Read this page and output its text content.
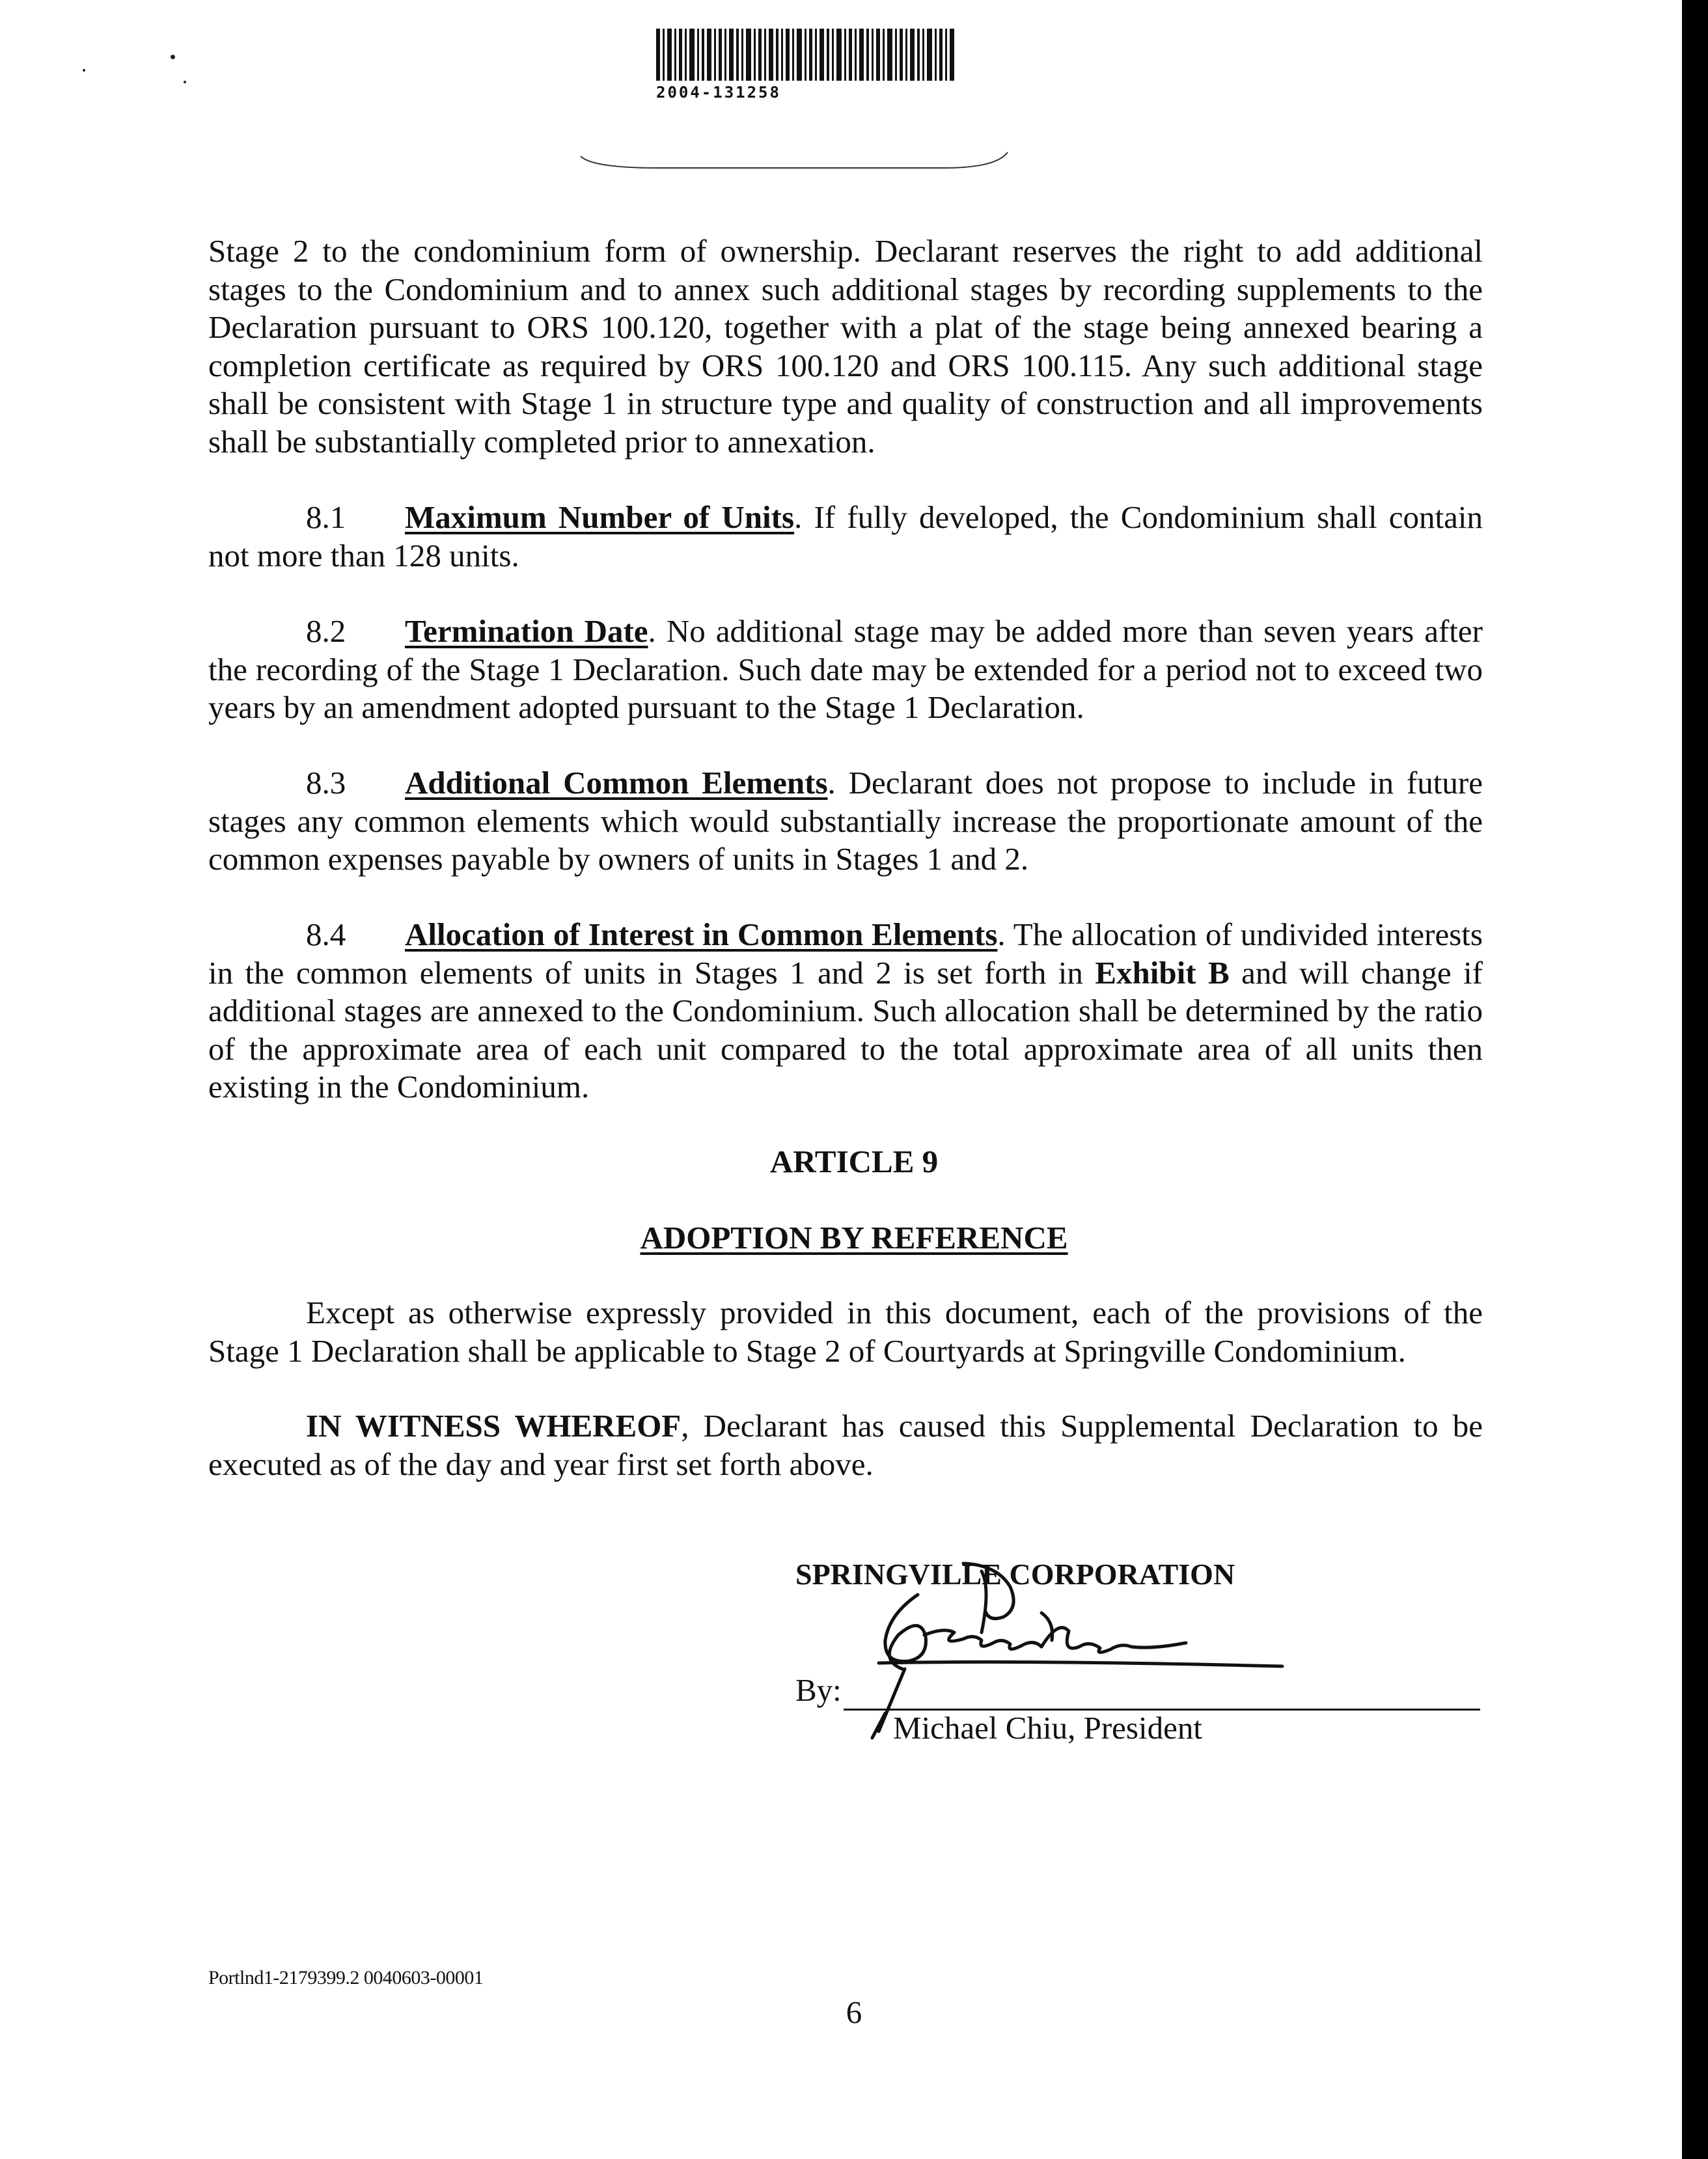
2004-131258

Stage 2 to the condominium form of ownership. Declarant reserves the right to add additional stages to the Condominium and to annex such additional stages by recording supplements to the Declaration pursuant to ORS 100.120, together with a plat of the stage being annexed bearing a completion certificate as required by ORS 100.120 and ORS 100.115. Any such additional stage shall be consistent with Stage 1 in structure type and quality of construction and all improvements shall be substantially completed prior to annexation.

8.1 Maximum Number of Units. If fully developed, the Condominium shall contain not more than 128 units.

8.2 Termination Date. No additional stage may be added more than seven years after the recording of the Stage 1 Declaration. Such date may be extended for a period not to exceed two years by an amendment adopted pursuant to the Stage 1 Declaration.

8.3 Additional Common Elements. Declarant does not propose to include in future stages any common elements which would substantially increase the proportionate amount of the common expenses payable by owners of units in Stages 1 and 2.

8.4 Allocation of Interest in Common Elements. The allocation of undivided interests in the common elements of units in Stages 1 and 2 is set forth in Exhibit B and will change if additional stages are annexed to the Condominium. Such allocation shall be determined by the ratio of the approximate area of each unit compared to the total approximate area of all units then existing in the Condominium.

ARTICLE 9

ADOPTION BY REFERENCE

Except as otherwise expressly provided in this document, each of the provisions of the Stage 1 Declaration shall be applicable to Stage 2 of Courtyards at Springville Condominium.

IN WITNESS WHEREOF, Declarant has caused this Supplemental Declaration to be executed as of the day and year first set forth above.

SPRINGVILLE CORPORATION

By:

Michael Chiu, President

Portlnd1-2179399.2 0040603-00001

6
